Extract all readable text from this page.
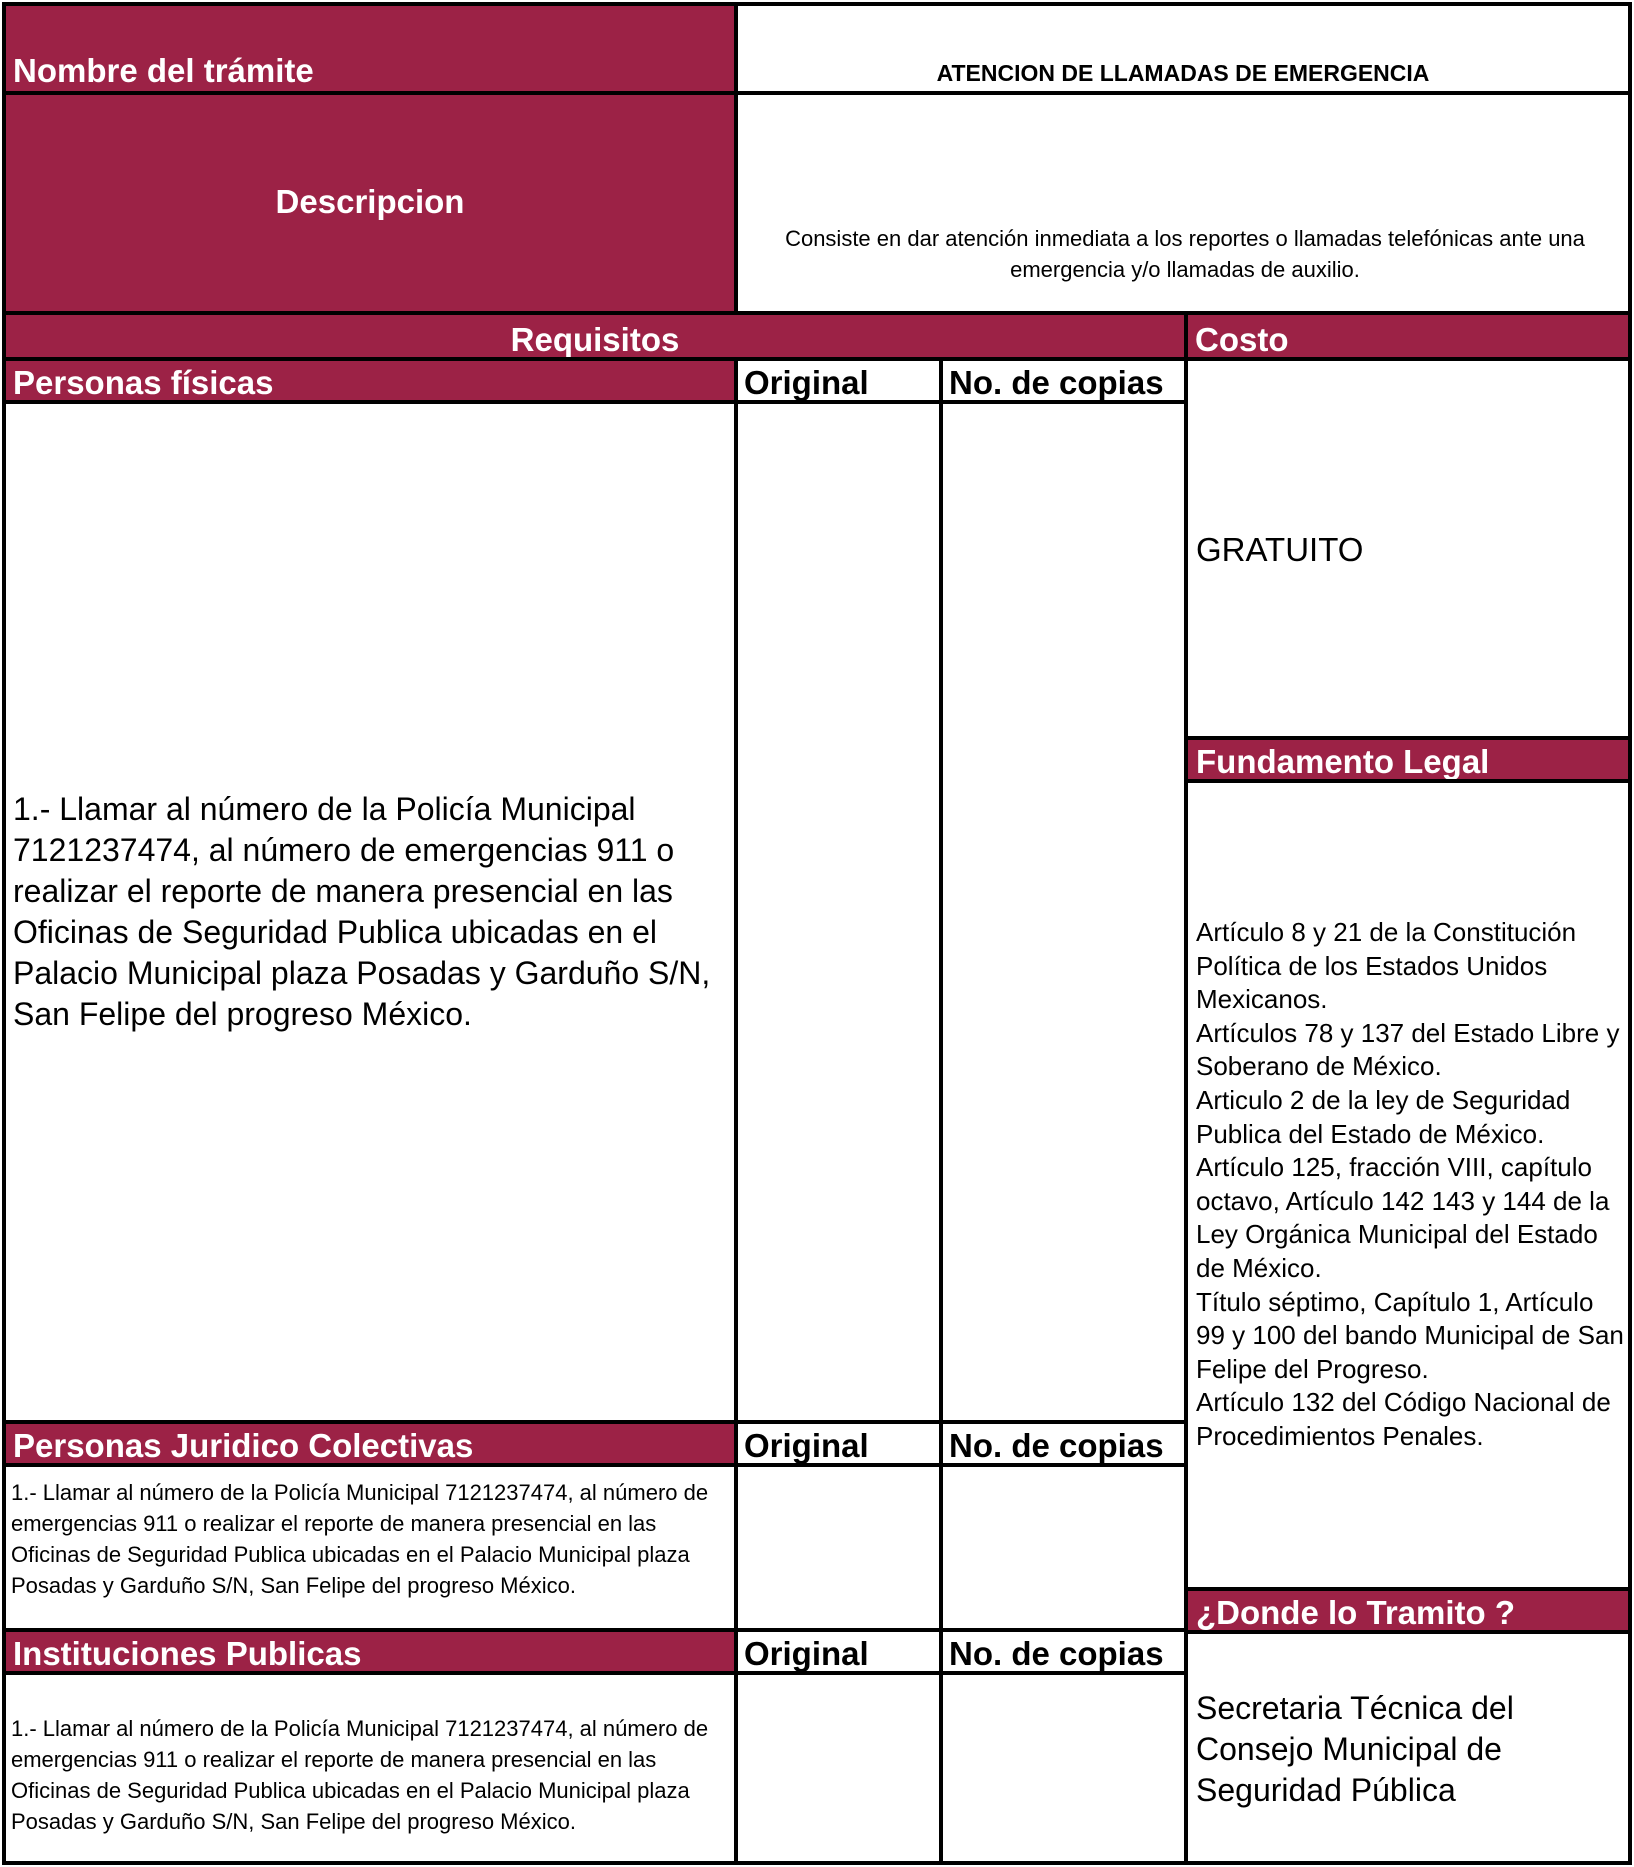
Nombre del trámite	ATENCION DE LLAMADAS DE EMERGENCIA
Descripcion
Consiste en dar atención inmediata a los reportes o llamadas telefónicas ante una emergencia y/o llamadas de auxilio.
Requisitos	Costo
Personas físicas	Original No. de copias
1.- Llamar al número de la Policía Municipal 7121237474, al número de emergencias 911 o realizar el reporte de manera presencial en las Oficinas de Seguridad Publica ubicadas en el Palacio Municipal plaza Posadas y Garduño S/N, San Felipe del progreso México.
Personas Juridico Colectivas	Original No. de copias
1.- Llamar al número de la Policía Municipal 7121237474, al número de emergencias 911 o realizar el reporte de manera presencial en las Oficinas de Seguridad Publica ubicadas en el Palacio Municipal plaza Posadas y Garduño S/N, San Felipe del progreso México.
Instituciones Publicas	Original No. de copias
1.- Llamar al número de la Policía Municipal 7121237474, al número de emergencias 911 o realizar el reporte de manera presencial en las Oficinas de Seguridad Publica ubicadas en el Palacio Municipal plaza Posadas y Garduño S/N, San Felipe del progreso México.
GRATUITO
Fundamento Legal
Artículo 8 y 21 de la Constitución Política de los Estados Unidos Mexicanos.
Artículos 78 y 137 del Estado Libre y Soberano de México.
Articulo 2 de la ley de Seguridad Publica del Estado de México.
Artículo 125, fracción VIII, capítulo octavo, Artículo 142 143 y 144 de la Ley Orgánica Municipal del Estado de México.
Título séptimo, Capítulo 1, Artículo 99 y 100 del bando Municipal de San Felipe del Progreso.
Artículo 132 del Código Nacional de Procedimientos Penales.
¿Donde lo Tramito ?
Secretaria Técnica del Consejo Municipal de Seguridad Pública
